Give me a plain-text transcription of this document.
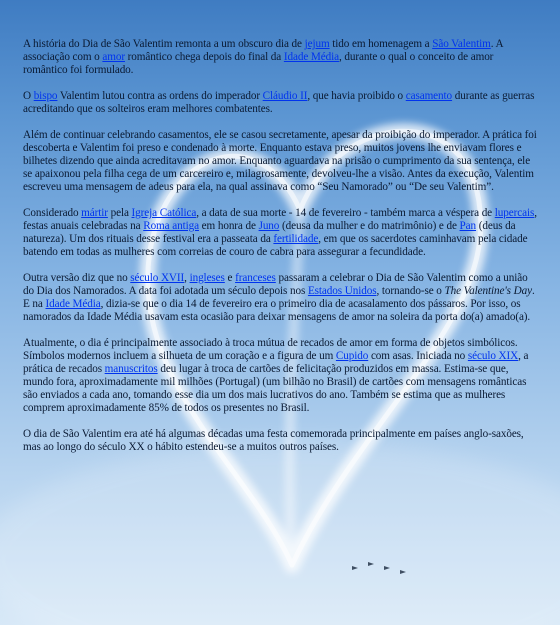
A história do Dia de São Valentim remonta a um obscuro dia de jejum tido em homenagem a São Valentim. A associação com o amor romântico chega depois do final da Idade Média, durante o qual o conceito de amor romântico foi formulado.

O bispo Valentim lutou contra as ordens do imperador Cláudio II, que havia proibido o casamento durante as guerras acreditando que os solteiros eram melhores combatentes.

Além de continuar celebrando casamentos, ele se casou secretamente, apesar da proibição do imperador. A prática foi descoberta e Valentim foi preso e condenado à morte. Enquanto estava preso, muitos jovens lhe enviavam flores e bilhetes dizendo que ainda acreditavam no amor. Enquanto aguardava na prisão o cumprimento da sua sentença, ele se apaixonou pela filha cega de um carcereiro e, milagrosamente, devolveu-lhe a visão. Antes da execução, Valentim escreveu uma mensagem de adeus para ela, na qual assinava como “Seu Namorado” ou “De seu Valentim”.

Considerado mártir pela Igreja Católica, a data de sua morte - 14 de fevereiro - também marca a véspera de lupercais, festas anuais celebradas na Roma antiga em honra de Juno (deusa da mulher e do matrimônio) e de Pan (deus da natureza). Um dos rituais desse festival era a passeata da fertilidade, em que os sacerdotes caminhavam pela cidade batendo em todas as mulheres com correias de couro de cabra para assegurar a fecundidade.

Outra versão diz que no século XVII, ingleses e franceses passaram a celebrar o Dia de São Valentim como a união do Dia dos Namorados. A data foi adotada um século depois nos Estados Unidos, tornando-se o The Valentine's Day. E na Idade Média, dizia-se que o dia 14 de fevereiro era o primeiro dia de acasalamento dos pássaros. Por isso, os namorados da Idade Média usavam esta ocasião para deixar mensagens de amor na soleira da porta do(a) amado(a).

Atualmente, o dia é principalmente associado à troca mútua de recados de amor em forma de objetos simbólicos. Símbolos modernos incluem a silhueta de um coração e a figura de um Cupido com asas. Iniciada no século XIX, a prática de recados manuscritos deu lugar à troca de cartões de felicitação produzidos em massa. Estima-se que, mundo fora, aproximadamente mil milhões (Portugal) (um bilhão no Brasil) de cartões com mensagens românticas são enviados a cada ano, tomando esse dia um dos mais lucrativos do ano. Também se estima que as mulheres comprem aproximadamente 85% de todos os presentes no Brasil.

O dia de São Valentim era até há algumas décadas uma festa comemorada principalmente em países anglo-saxões, mas ao longo do século XX o hábito estendeu-se a muitos outros países.
